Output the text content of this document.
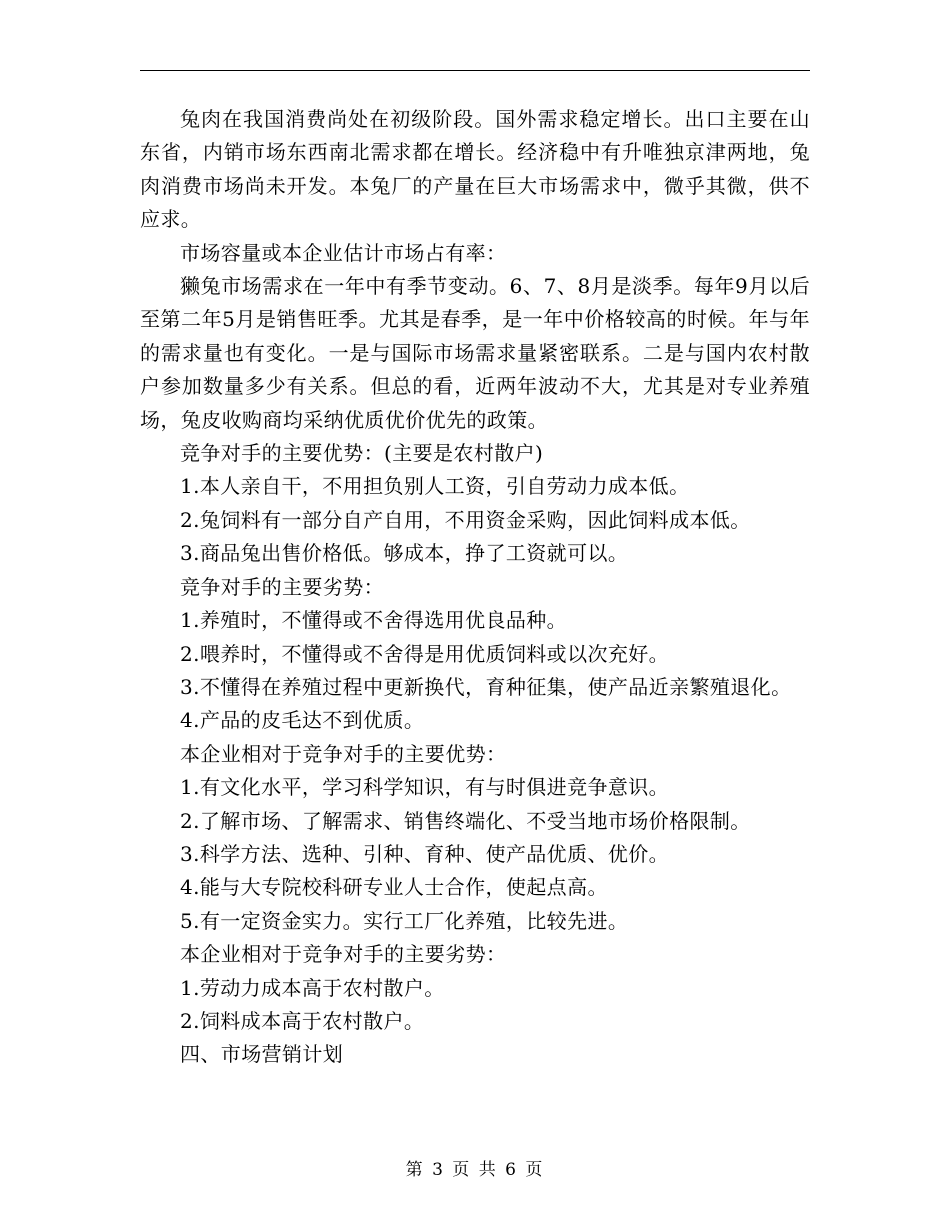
兔肉在我国消费尚处在初级阶段。国外需求稳定增长。出口主要在山东省，内销市场东西南北需求都在增长。经济稳中有升唯独京津两地，兔肉消费市场尚未开发。本兔厂的产量在巨大市场需求中，微乎其微，供不应求。

市场容量或本企业估计市场占有率：

獭兔市场需求在一年中有季节变动。6、7、8月是淡季。每年9月以后至第二年5月是销售旺季。尤其是春季，是一年中价格较高的时候。年与年的需求量也有变化。一是与国际市场需求量紧密联系。二是与国内农村散户参加数量多少有关系。但总的看，近两年波动不大，尤其是对专业养殖场，兔皮收购商均采纳优质优价优先的政策。

竞争对手的主要优势：(主要是农村散户)

1.本人亲自干，不用担负别人工资，引自劳动力成本低。

2.兔饲料有一部分自产自用，不用资金采购，因此饲料成本低。

3.商品兔出售价格低。够成本，挣了工资就可以。

竞争对手的主要劣势：

1.养殖时，不懂得或不舍得选用优良品种。

2.喂养时，不懂得或不舍得是用优质饲料或以次充好。

3.不懂得在养殖过程中更新换代，育种征集，使产品近亲繁殖退化。

4.产品的皮毛达不到优质。

本企业相对于竞争对手的主要优势：

1.有文化水平，学习科学知识，有与时俱进竞争意识。

2.了解市场、了解需求、销售终端化、不受当地市场价格限制。

3.科学方法、选种、引种、育种、使产品优质、优价。

4.能与大专院校科研专业人士合作，使起点高。

5.有一定资金实力。实行工厂化养殖，比较先进。

本企业相对于竞争对手的主要劣势：

1.劳动力成本高于农村散户。

2.饲料成本高于农村散户。

四、市场营销计划

第 3 页 共 6 页
